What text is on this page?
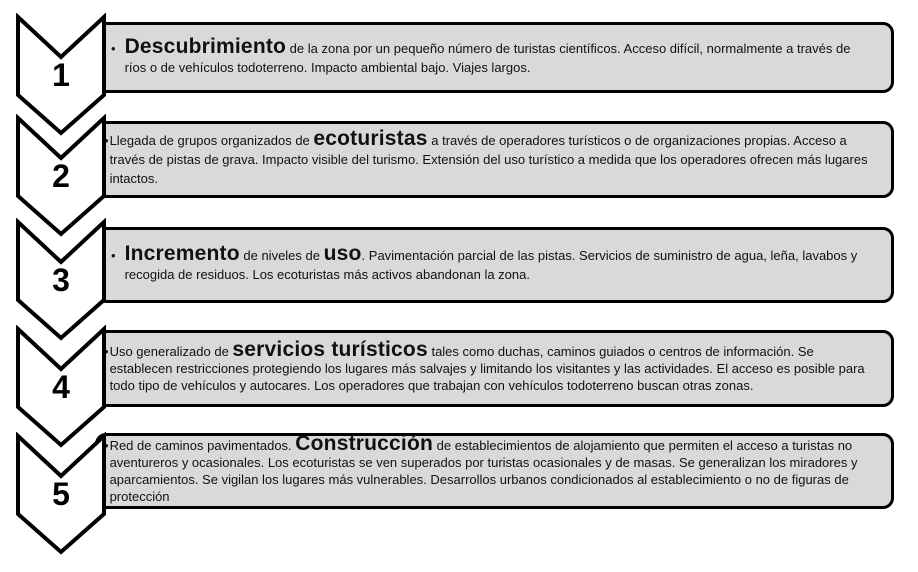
1
• Descubrimiento de la zona por un pequeño número de turistas científicos. Acceso difícil, normalmente a través de ríos o de vehículos todoterreno. Impacto ambiental bajo. Viajes largos.
2
• Llegada de grupos organizados de ecoturistas a través de operadores turísticos o de organizaciones propias. Acceso a través de pistas de grava. Impacto visible del turismo. Extensión del uso turístico a medida que los operadores ofrecen más lugares intactos.
3
• Incremento de niveles de uso. Pavimentación parcial de las pistas. Servicios de suministro de agua, leña, lavabos y recogida de residuos. Los ecoturistas más activos abandonan la zona.
4
• Uso generalizado de servicios turísticos tales como duchas, caminos guiados o centros de información. Se establecen restricciones protegiendo los lugares más salvajes y limitando los visitantes y las actividades. El acceso es posible para todo tipo de vehículos y autocares. Los operadores que trabajan con vehículos todoterreno buscan otras zonas.
5
• Red de caminos pavimentados. Construcción de establecimientos de alojamiento que permiten el acceso a turistas no aventureros y ocasionales. Los ecoturistas se ven superados por turistas ocasionales y de masas. Se generalizan los miradores y aparcamientos. Se vigilan los lugares más vulnerables. Desarrollos urbanos condicionados al establecimiento o no de figuras de protección
